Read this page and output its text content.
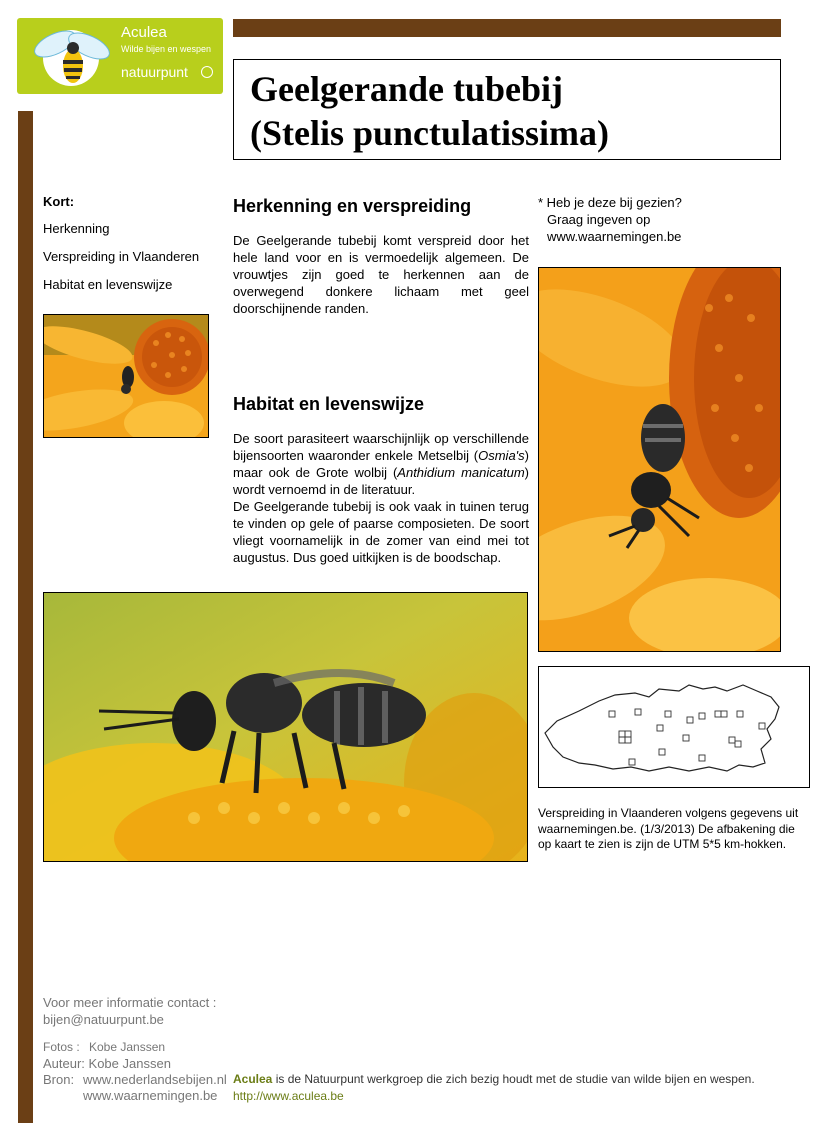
Aculea
Wilde bijen en wespen
natuurpunt Geelgerande tubebij
(Stelis punctulatissima)
Kort:
Herkenning
Verspreiding in Vlaanderen
Habitat en levenswijze
Herkenning en verspreiding
De Geelgerande tubebij komt verspreid door het hele land voor en is vermoedelijk algemeen. De vrouwtjes zijn goed te herkennen aan de overwegend donkere lichaam met geel doorschijnende randen.
Habitat en levenswijze
De soort parasiteert waarschijnlijk op verschillende bijensoorten waaronder enkele Metselbij (Osmia's) maar ook de Grote wolbij (Anthidium manicatum) wordt vernoemd in de literatuur.
De Geelgerande tubebij is ook vaak in tuinen terug te vinden op gele of paarse composieten. De soort vliegt voornamelijk in de zomer van eind mei tot augustus. Dus goed uitkijken is de boodschap.
* Heb je deze bij gezien?
Graag ingeven op
www.waarnemingen.be
Verspreiding in Vlaanderen volgens gegevens uit waarnemingen.be. (1/3/2013) De afbakening die op kaart te zien is zijn de UTM 5*5 km-hokken.
Voor meer informatie contact :
bijen@natuurpunt.be
Fotos : Kobe Janssen
Auteur: Kobe Janssen
Bron: www.nederlandsebijen.nl
www.waarnemingen.be
Aculea is de Natuurpunt werkgroep die zich bezig houdt met de studie van wilde bijen en wespen.
http://www.aculea.be
